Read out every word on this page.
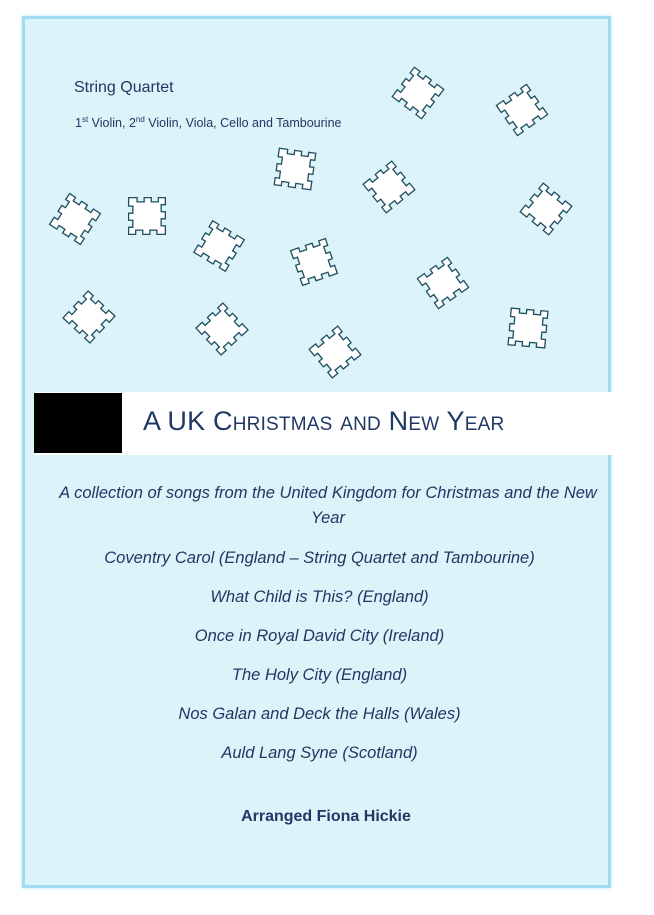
String Quartet

1st Violin, 2nd Violin, Viola, Cello and Tambourine

A UK Christmas and New Year

A collection of songs from the United Kingdom for Christmas and the New Year

Coventry Carol (England – String Quartet and Tambourine)
What Child is This? (England)
Once in Royal David City (Ireland)
The Holy City (England)
Nos Galan and Deck the Halls (Wales)
Auld Lang Syne (Scotland)

Arranged Fiona Hickie
